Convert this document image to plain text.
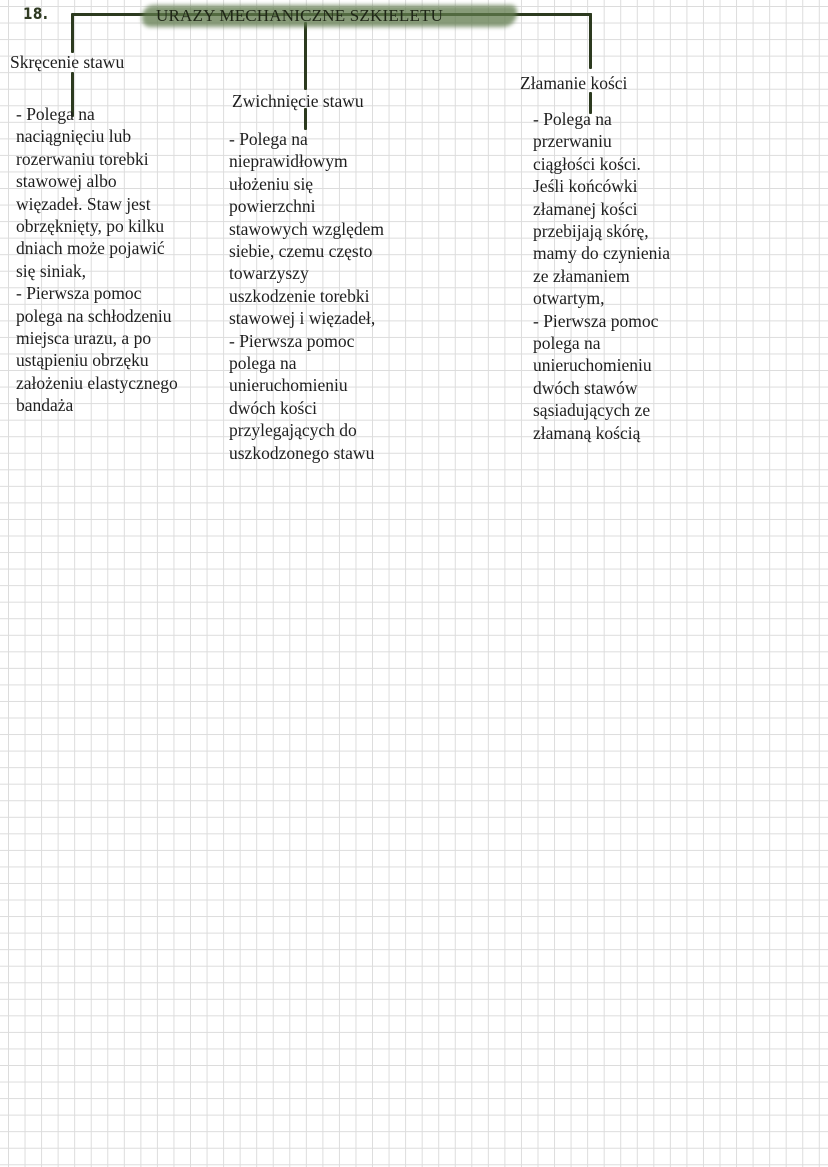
18.	URAZY MECHANICZNE SZKIELETU
Skręcenie stawu
- Polega na
naciągnięciu lub
rozerwaniu torebki
stawowej albo
więzadeł. Staw jest
obrzęknięty, po kilku
dniach może pojawić
się siniak,
- Pierwsza pomoc
polega na schłodzeniu
miejsca urazu, a po
ustąpieniu obrzęku
założeniu elastycznego
bandaża
Zwichnięcie stawu
- Polega na
nieprawidłowym
ułożeniu się
powierzchni
stawowych względem
siebie, czemu często
towarzyszy
uszkodzenie torebki
stawowej i więzadeł,
- Pierwsza pomoc
polega na
unieruchomieniu
dwóch kości
przylegających do
uszkodzonego stawu
Złamanie kości
- Polega na
przerwaniu
ciągłości kości.
Jeśli końcówki
złamanej kości
przebijają skórę,
mamy do czynienia
ze złamaniem
otwartym,
- Pierwsza pomoc
polega na
unieruchomieniu
dwóch stawów
sąsiadujących ze
złamaną kością
